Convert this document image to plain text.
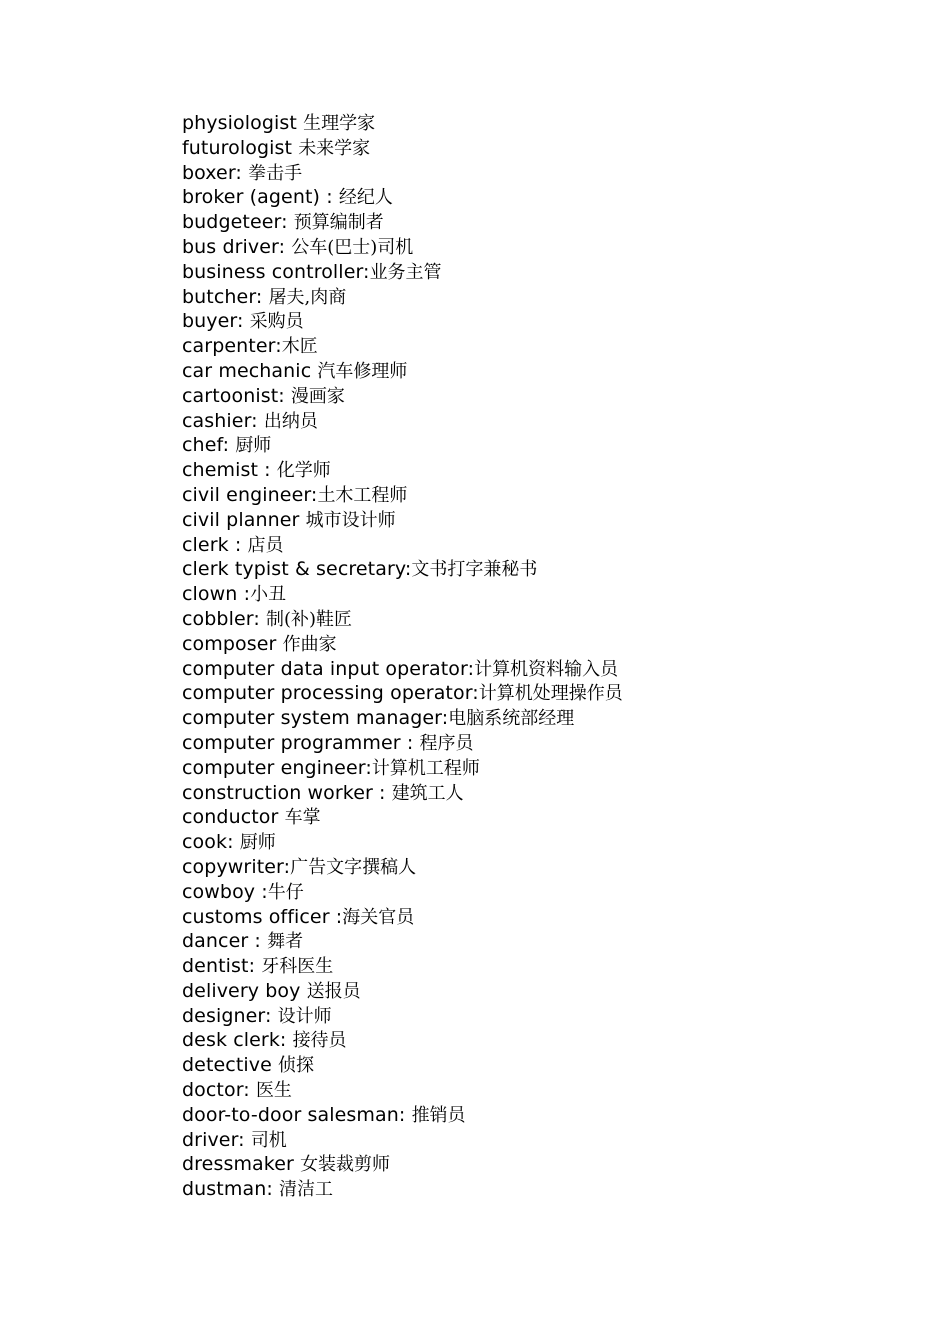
physiologist 生理学家
futurologist 未来学家
boxer: 拳击手
broker (agent) : 经纪人
budgeteer: 预算编制者
bus driver: 公车(巴士)司机
business controller:业务主管
butcher: 屠夫,肉商
buyer: 采购员
carpenter:木匠
car mechanic 汽车修理师
cartoonist: 漫画家
cashier: 出纳员
chef: 厨师
chemist : 化学师
civil engineer:土木工程师
civil planner 城市设计师
clerk : 店员
clerk typist & secretary:文书打字兼秘书
clown :小丑
cobbler: 制(补)鞋匠
composer 作曲家
computer data input operator:计算机资料输入员
computer processing operator:计算机处理操作员
computer system manager:电脑系统部经理
computer programmer : 程序员
computer engineer:计算机工程师
construction worker : 建筑工人
conductor 车掌
cook: 厨师
copywriter:广告文字撰稿人
cowboy :牛仔
customs officer :海关官员
dancer : 舞者
dentist: 牙科医生
delivery boy 送报员
designer: 设计师
desk clerk: 接待员
detective 侦探
doctor: 医生
door-to-door salesman: 推销员
driver: 司机
dressmaker 女装裁剪师
dustman: 清洁工
